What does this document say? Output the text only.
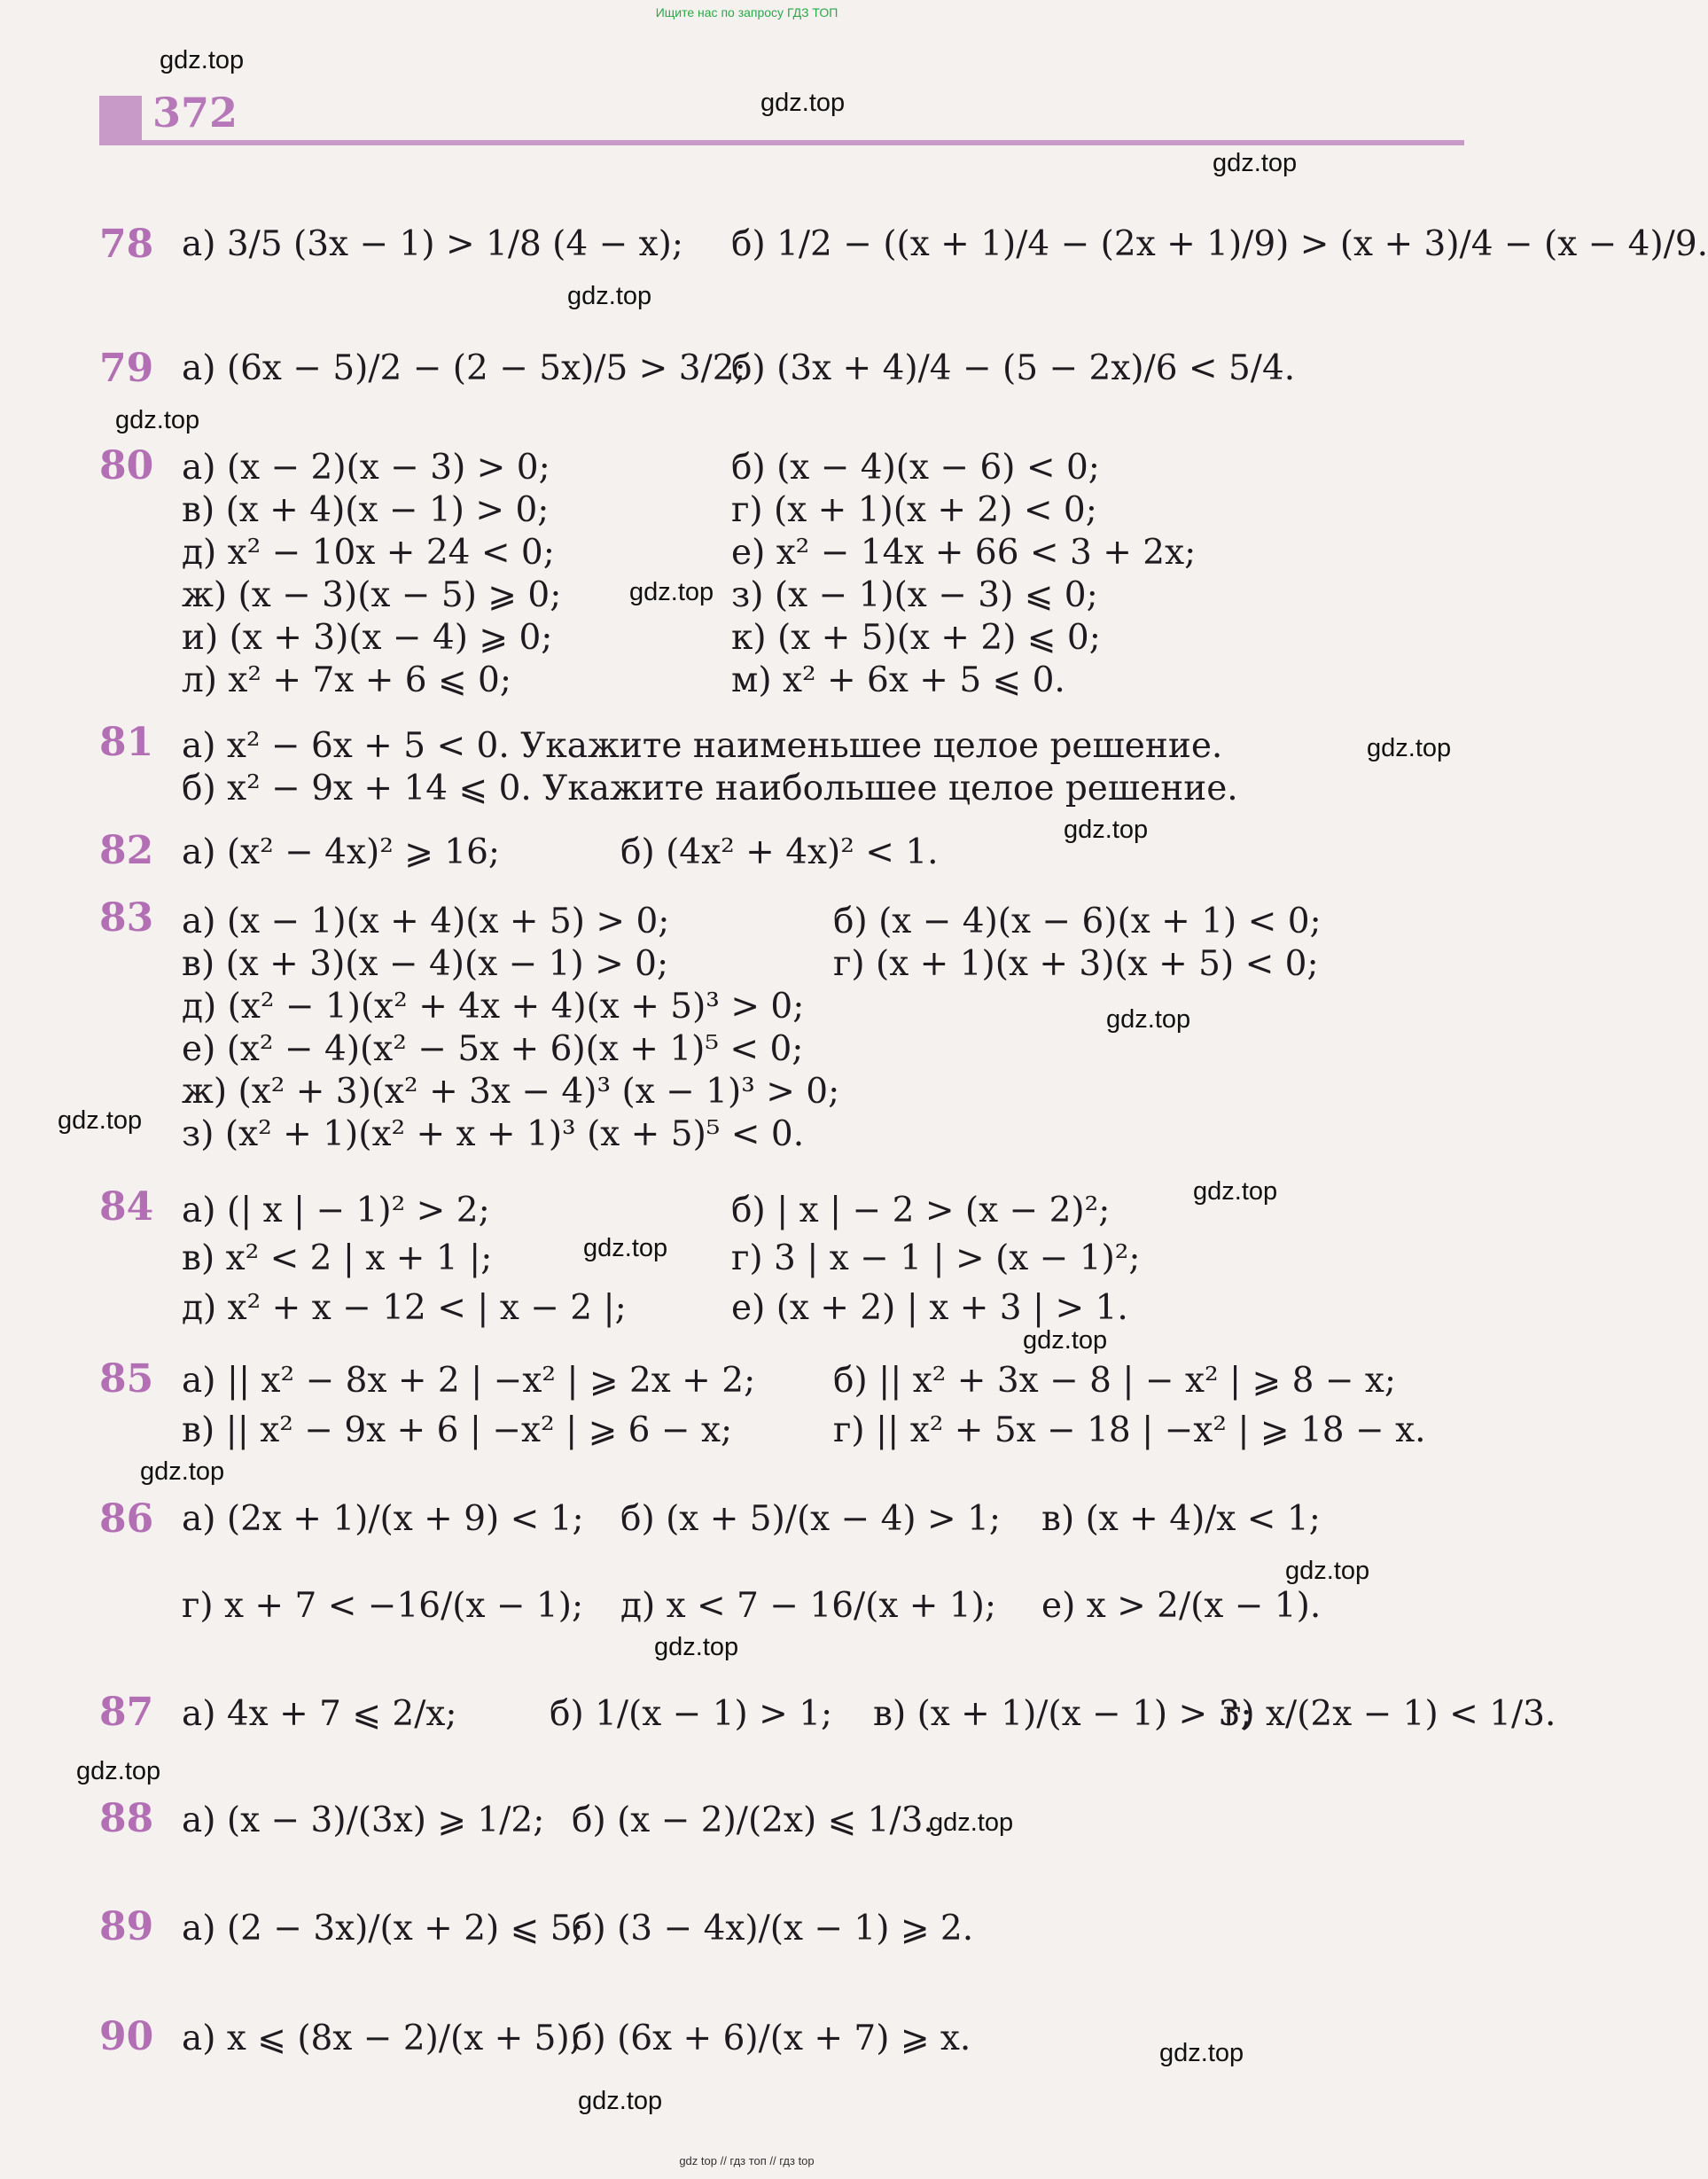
Ищите нас по запросу ГДЗ ТОП
372
gdz.top
gdz.top
gdz.top
gdz.top
gdz.top
gdz.top
gdz.top
gdz.top
gdz.top
gdz.top
gdz.top
gdz.top
gdz.top
gdz.top
gdz.top
gdz.top
gdz.top
gdz.top
gdz.top
gdz.top
78 а) 3/5 (3x − 1) > 1/8 (4 − x); б) 1/2 − ((x + 1)/4 − (2x + 1)/9) > (x + 3)/4 − (x − 4)/9.
79 а) (6x − 5)/2 − (2 − 5x)/5 > 3/2;
б) (3x + 4)/4 − (5 − 2x)/6 < 5/4.
80 а) (x − 2)(x − 3) > 0;	б) (x − 4)(x − 6) < 0;
в) (x + 4)(x − 1) > 0;	г) (x + 1)(x + 2) < 0;
д) x² − 10x + 24 < 0;	е) x² − 14x + 66 < 3 + 2x;
ж) (x − 3)(x − 5) ⩾ 0;	з) (x − 1)(x − 3) ⩽ 0;
и) (x + 3)(x − 4) ⩾ 0;	к) (x + 5)(x + 2) ⩽ 0;
л) x² + 7x + 6 ⩽ 0;	м) x² + 6x + 5 ⩽ 0.
81 а) x² − 6x + 5 < 0. Укажите наименьшее целое решение.
б) x² − 9x + 14 ⩽ 0. Укажите наибольшее целое решение.
82 а) (x² − 4x)² ⩾ 16;	б) (4x² + 4x)² < 1.
83 а) (x − 1)(x + 4)(x + 5) > 0;	б) (x − 4)(x − 6)(x + 1) < 0;
в) (x + 3)(x − 4)(x − 1) > 0;	г) (x + 1)(x + 3)(x + 5) < 0;
д) (x² − 1)(x² + 4x + 4)(x + 5)³ > 0;
е) (x² − 4)(x² − 5x + 6)(x + 1)⁵ < 0;
ж) (x² + 3)(x² + 3x − 4)³ (x − 1)³ > 0;
з) (x² + 1)(x² + x + 1)³ (x + 5)⁵ < 0.
84 а) (| x | − 1)² > 2;	б) | x | − 2 > (x − 2)²;
в) x² < 2 | x + 1 |;	г) 3 | x − 1 | > (x − 1)²;
д) x² + x − 12 < | x − 2 |;	е) (x + 2) | x + 3 | > 1.
85 а) || x² − 8x + 2 | −x² | ⩾ 2x + 2; б) || x² + 3x − 8 | − x² | ⩾ 8 − x;
в) || x² − 9x + 6 | −x² | ⩾ 6 − x;	г) || x² + 5x − 18 | −x² | ⩾ 18 − x.
86 а) (2x + 1)/(x + 9) < 1; б) (x + 5)/(x − 4) > 1; в) (x + 4)/x < 1;
г) x + 7 < −16/(x − 1); д) x < 7 − 16/(x + 1); е) x > 2/(x − 1).
87 а) 4x + 7 ⩽ 2/x;	б) 1/(x − 1) > 1; в) (x + 1)/(x − 1) > 3;
г) x/(2x − 1) < 1/3.
88 а) (x − 3)/(3x) ⩾ 1/2; б) (x − 2)/(2x) ⩽ 1/3.
89 а) (2 − 3x)/(x + 2) ⩽ 5;
б) (3 − 4x)/(x − 1) ⩾ 2.
90 а) x ⩽ (8x − 2)/(x + 5);
б) (6x + 6)/(x + 7) ⩾ x.
gdz top // гдз топ // гдз top
